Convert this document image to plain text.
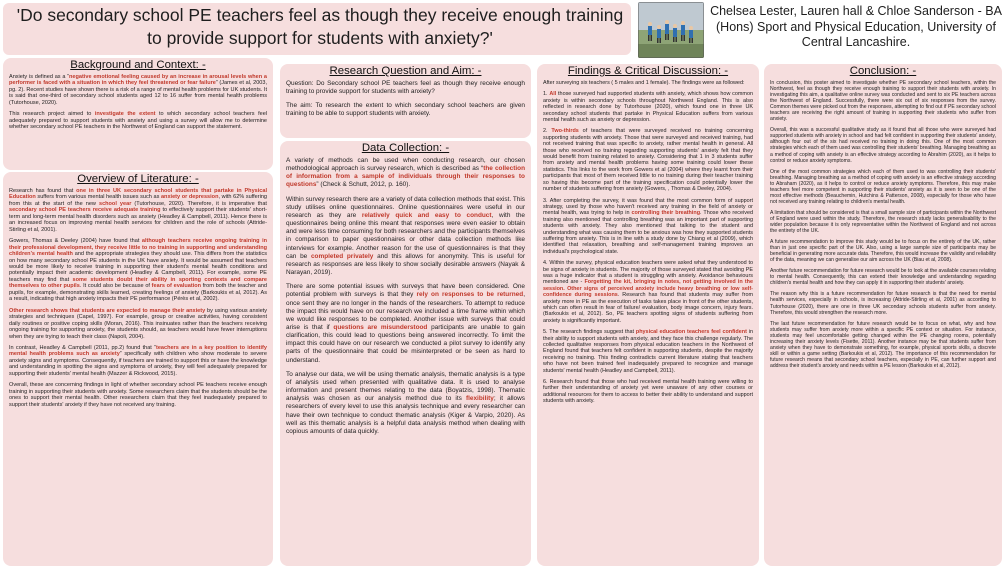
'Do secondary school PE teachers feel as though they receive enough training to provide support for students with anxiety?'
Chelsea Lester, Lauren hall & Chloe Sanderson - BA (Hons) Sport and Physical Education, University of Central Lancashire.
Background and Context: -

Anxiety is defined as a “negative emotional feeling caused by an increase in arousal levels when a performer is faced with a situation in which they feel threatened or fear failure” (James et al, 2003, pg. 2). Recent studies have shown there is a risk of a range of mental health problems for UK students. It is said that one-third of secondary school students aged 12 to 16 suffer from mental health problems (Tutorhouse, 2020).

This research project aimed to investigate the extent to which secondary school teachers feel adequately prepared to support students with anxiety and using a survey will allow me to determine whether secondary school PE teachers in the Northwest of England can support the statement.

Overview of Literature: -

Research has found that one in three UK secondary school students that partake in Physical Education suffers from various mental health issues such as anxiety or depression, with 62% suffering from this at the start of the new school year (Tutorhouse, 2020). Therefore, it is imperative that secondary school PE teachers receive adequate training to effectively support their students' short-term and long-term mental health disorders such as anxiety (Headley & Campbell, 2011). Hence there is an increased focus on improving mental health services for children and the role of schools (Attride-Stirling et al, 2001).

Gowers, Thomas & Deeley (2004) have found that although teachers receive ongoing training in their professional development, they receive little to no training in supporting and understanding children's mental health and the appropriate strategies they should use. This differs from the statistics on how many secondary school PE students in the UK have anxiety. It would be assumed that teachers would be more likely to receive training in supporting their student's mental health conditions and potentially impact their academic development (Headley & Campbell, 2011). For example, some PE teachers may find that some students doubt their ability in sporting contexts and compare themselves to other pupils. It could also be because of fears of evaluation from both the teacher and pupils, for example, demonstrating skills learned, creating feelings of anxiety (Barkoukis et al, 2012). As a result, indicating that high anxiety impacts their PE performance (Pérès et al, 2002).

Other research shows that students are expected to manage their anxiety by using various anxiety strategies and techniques (Capel, 1997). For example, group or creative activities, having consistent daily routines or positive coping skills (Moran, 2016). This insinuates rather than the teachers receiving ongoing training for supporting anxiety, the students should, as teachers would have fewer interruptions when they are trying to teach their class (Napoli, 2004).

In contrast, Headley & Campbell (2011, pp.2) found that “teachers are in a key position to identify mental health problems such as anxiety” specifically with children who show moderate to severe anxiety signs and symptoms. Consequently, if teachers are trained to support this or have the knowledge and understanding in spotting the signs and symptoms of anxiety, they will feel adequately prepared for supporting their students' mental health (Mazzer & Rickwood, 2015).

Overall, these are concerning findings in light of whether secondary school PE teachers receive enough training in supporting their students with anxiety. Some researchers claim that the students should be the ones to support their mental health. Other researchers claim that they feel inadequately prepared to support their students' anxiety if they have not received any training.

Research Question and Aim: -

Question: Do Secondary school PE teachers feel as though they receive enough training to provide support for students with anxiety?

The aim: To research the extent to which secondary school teachers are given training to be able to support students with anxiety.

Data Collection: -

A variety of methods can be used when conducting research, our chosen methodological approach is survey research, which is described as “the collection of information from a sample of individuals through their responses to questions” (Check & Schutt, 2012, p. 160).

Within survey research there are a variety of data collection methods that exist. This study utilises online questionnaires. Online questionnaires were useful in our research as they are relatively quick and easy to conduct, with the questionnaires being online this meant that responses were even easier to obtain and were less time consuming for both researchers and the participants themselves in comparison to paper questionnaires or other data collection methods like interviews for example. Another reason for the use of questionnaires is that they can be completed privately and this allows for anonymity. This is useful for research as responses are less likely to show socially desirable answers (Nayak & Narayan, 2019).

There are some potential issues with surveys that have been considered. One potential problem with surveys is that they rely on responses to be returned, once sent they are no longer in the hands of the researchers. To attempt to reduce the impact this would have on our research we included a time frame within which we would like responses to be completed. Another issue with surveys that could arise is that if questions are misunderstood participants are unable to gain clarification, this could lead to questions being answered incorrectly. To limit the impact this could have on our research we conducted a pilot survey to identify any parts of the questionnaire that could be misinterpreted or be seen as hard to understand.

To analyse our data, we will be using thematic analysis, thematic analysis is a type of analysis used when presented with qualitative data. It is used to analyse information and present themes relating to the data (Boyatzis, 1998). Thematic analysis was chosen as our analysis method due to its flexibility; it allows researchers of every level to use this analysis technique and every researcher can have their own technique to conduct thematic analysis (Kiger & Varpio, 2020). As well as this thematic analysis is a helpful data analysis method when dealing with copious amounts of data quickly.

Findings & Critical Discussion: -

After surveying six teachers ( 5 males and 1 female). The findings were as followed:

1. All those surveyed had supported students with anxiety, which shows how common anxiety is within secondary schools throughout Northwest England. This is also reflected in research done by Tutorhouse (2020), which found one in three UK secondary school students that partake in Physical Education suffers from various mental health such as anxiety or depression.

2. Two-thirds of teachers that were surveyed received no training concerning supporting students with anxiety. Those that were surveyed and received training, had not received training that was specific to anxiety, rather mental health in general. All those who received no training regarding supporting students' anxiety felt that they would benefit from training related to anxiety. Considering that 1 in 3 students suffer from anxiety and mental health problems having some training could lower these statistics. This links to the work from Gowers et al (2004) where they learnt from their participants that most of them received little to no training during their teacher training so having this become part of the training specification could potentially lower the number of students suffering from anxiety (Gowers, , Thomas & Deeley, 2004).

3. After completing the survey, it was found that the most common form of support strategy, used by those who haven't received any training in the field of anxiety or mental health, was trying to help in controlling their breathing. Those who received training also mentioned that controlling breathing was an important part of supporting students with anxiety. They also mentioned that talking to the student and understanding what was causing them to be anxious was how they supported students suffering from anxiety. This is in line with a study done by Chiang et al (2009), which identified that relaxation, breathing and self-management training improves an individual's psychological state.

4. Within the survey, physical education teachers were asked what they understood to be signs of anxiety in students. The majority of those surveyed stated that avoiding PE was a huge indicator that a student is struggling with anxiety. Avoidance behaviours mentioned are - Forgetting the kit, bringing in notes, not getting involved in the session. Other signs of perceived anxiety include heavy breathing or low self-confidence during sessions. Research has found that students may suffer from anxiety more in PE as the execution of tasks takes place in front of the other students, which can often result in fear of failure/ evaluation, body image concern, injury fears. (Barkoukis et al, 2012). So, PE teachers spotting signs of students suffering from anxiety is significantly important.

5. The research findings suggest that physical education teachers feel confident in their ability to support students with anxiety, and they face this challenge regularly. The collected qualitative responses from physical education teachers in the Northwest of England found that teachers felt confident in supporting students, despite the majority receiving no training. This finding contradicts current literature stating that teachers who have not been trained feel inadequately prepared to recognize and manage students' mental health (Headley and Campbell, 2011).

6. Research found that those who had received mental health training were willing to further their understanding of anxiety yet were unaware of any other courses or additional resources for them to access to better their ability to understand and support students with anxiety.

Conclusion: -

In conclusion, this poster aimed to investigate whether PE secondary school teachers, within the Northwest, feel as though they receive enough training to support their students with anxiety. In investigating this aim, a qualitative online survey was conducted and sent to six PE teachers across the Northwest of England. Successfully, there were six out of six responses from the survey. Common themes were picked out from the responses, attempting to find out if PE secondary school teachers are receiving the right amount of training in supporting their students who suffer from anxiety.

Overall, this was a successful qualitative study as it found that all those who were surveyed had supported students with anxiety in school and had felt confident in supporting their students' anxiety, although four out of the six had received no training in doing this. One of the most common strategies which each of them used was controlling their students' breathing. Managing breathing as a method of coping with anxiety is an effective strategy according to Abrahim (2020), as it helps to control or reduce anxiety symptoms.

One of the most common strategies which each of them used to was controlling their students' breathing. Managing breathing as a method of coping with anxiety is an effective strategy according to Abraham (2020), as it helps to control or reduce anxiety symptoms. Therefore, this may make teachers feel more competent in supporting their students' anxiety as it is seen to be one of the most effective methods (Beauchemin, Hutchins & Patterson, 2008), especially for those who have not received any training relating to children's mental health.

A limitation that should be considered is that a small sample size of participants within the Northwest of England were used within the study. Therefore, the research study lacks generalisability to the wider population because it is only representative within the Northwest of England and not across the entirety of the UK.

A future recommendation to improve this study would be to focus on the entirety of the UK, rather than in just one specific part of the UK. Also, using a large sample size of participants may be beneficial in generating more accurate data. Therefore, this would increase the validity and reliability of the data, meaning we can generalise our aim across the UK (Biau et al, 2008).

Another future recommendation for future research would be to look at the available courses relating to mental health. Consequently, this can extend their knowledge and understanding regarding children's mental health and how they can apply it in supporting their students' anxiety.

The reason why this is a future recommendation for future research is that the need for mental health services, especially in schools, is increasing (Attride-Stirling et al, 2001) as according to Tutorhouse (2020), there are one in three UK secondary schools students suffer from anxiety. Therefore, this would strengthen the research more.

The last future recommendation for future research would be to focus on what, why and how students may suffer from anxiety more within a specific PE context or situation. For instance, students may feel uncomfortable getting changed within the PE changing rooms, potentially increasing their anxiety levels (Fisette, 2011). Another instance may be that students suffer from anxiety when they have to demonstrate something, for example, physical sports skills, a discrete skill or within a game setting (Barkoukis et al, 2012). The importance of this recommendation for future research means that secondary school teachers, especially in PE, can further support and address their student's anxiety and needs within a PE lesson (Barkoukis et al, 2012).
